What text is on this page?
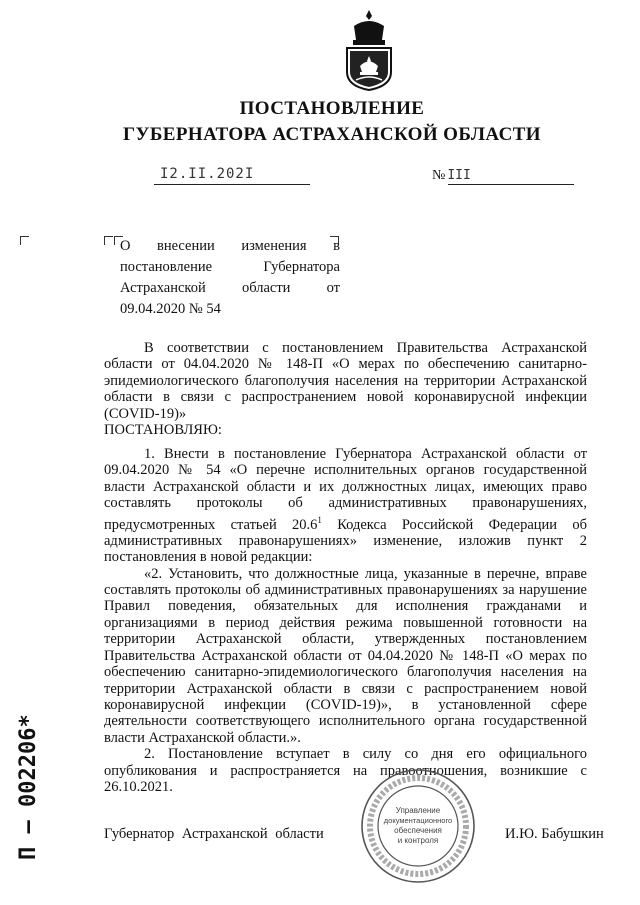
ПОСТАНОВЛЕНИЕ
ГУБЕРНАТОРА АСТРАХАНСКОЙ ОБЛАСТИ
I2.II.202I	№ III
О внесении изменения в постановление Губернатора Астраханской области от 09.04.2020 № 54

В соответствии с постановлением Правительства Астраханской области от 04.04.2020 № 148-П «О мерах по обеспечению санитарно-эпидемиологического благополучия населения на территории Астраханской области в связи с распространением новой коронавирусной инфекции (COVID-19)»

ПОСТАНОВЛЯЮ:

1. Внести в постановление Губернатора Астраханской области от 09.04.2020 № 54 «О перечне исполнительных органов государственной власти Астраханской области и их должностных лицах, имеющих право составлять протоколы об административных правонарушениях, предусмотренных статьей 20.6$^1$ Кодекса Российской Федерации об административных правонарушениях» изменение, изложив пункт 2 постановления в новой редакции:

«2. Установить, что должностные лица, указанные в перечне, вправе составлять протоколы об административных правонарушениях за нарушение Правил поведения, обязательных для исполнения гражданами и организациями в период действия режима повышенной готовности на территории Астраханской области, утвержденных постановлением Правительства Астраханской области от 04.04.2020 № 148-П «О мерах по обеспечению санитарно-эпидемиологического благополучия населения на территории Астраханской области в связи с распространением новой коронавирусной инфекции (COVID-19)», в установленной сфере деятельности соответствующего исполнительного органа государственной власти Астраханской области.».

2. Постановление вступает в силу со дня его официального опубликования и распространяется на правоотношения, возникшие с 26.10.2021.

Губернатор Астраханской области	И.Ю. Бабушкин
Управление
документационного
обеспечения
и контроля
П – 002206*
